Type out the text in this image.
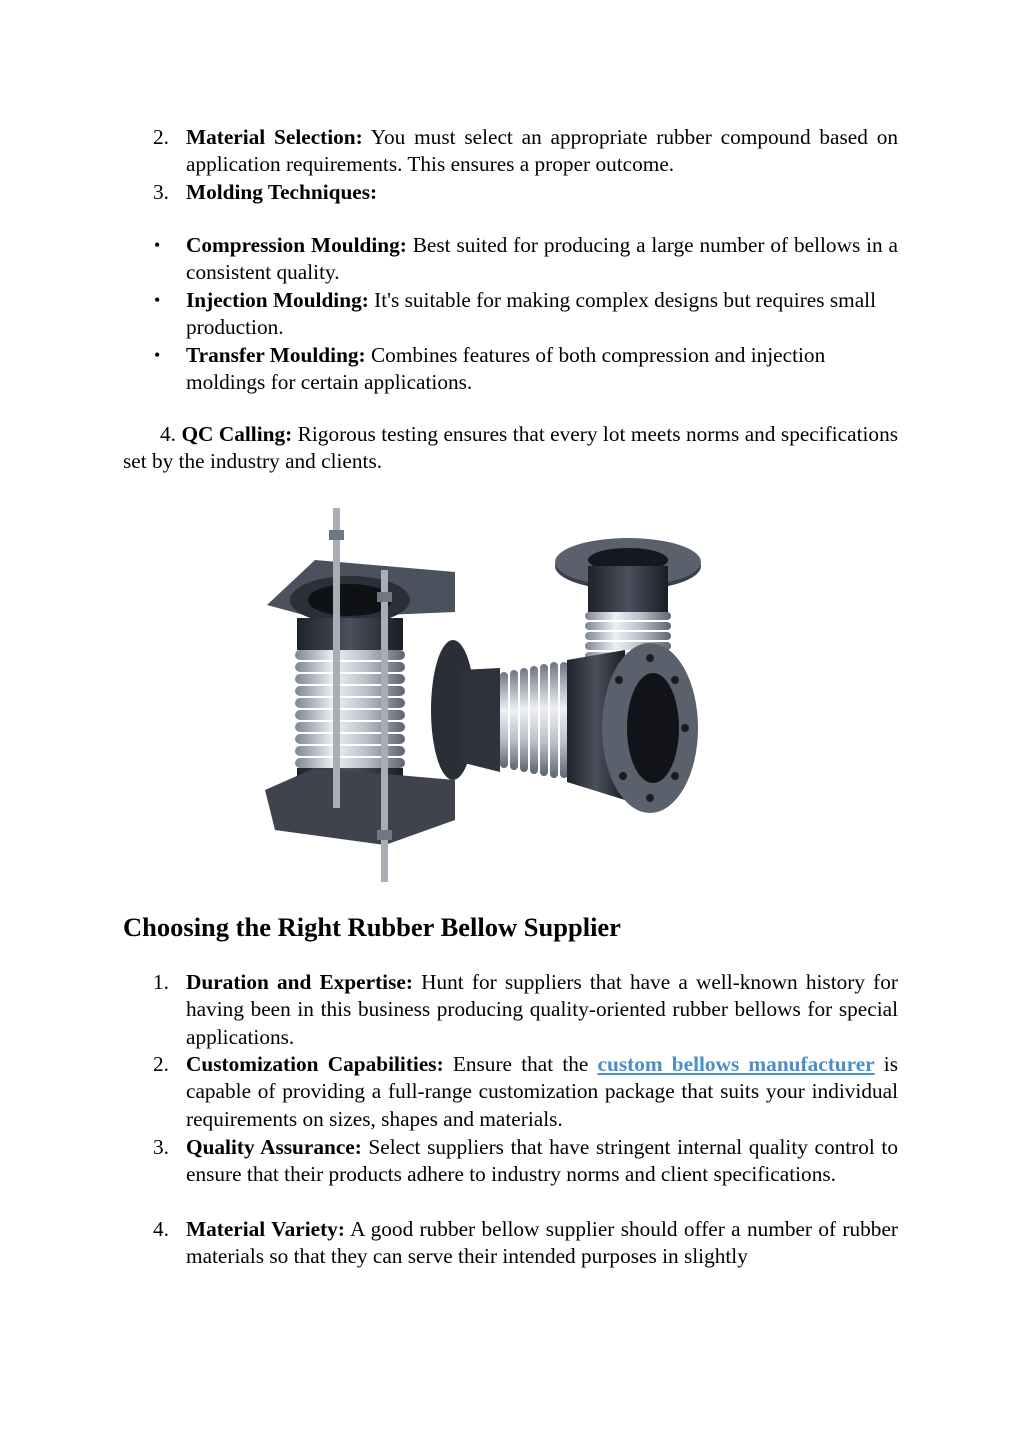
2. Material Selection: You must select an appropriate rubber compound based on application requirements. This ensures a proper outcome.

3. Molding Techniques:

• Compression Moulding: Best suited for producing a large number of bellows in a consistent quality.

• Injection Moulding: It's suitable for making complex designs but requires small production.

• Transfer Moulding: Combines features of both compression and injection moldings for certain applications.

4. QC Calling: Rigorous testing ensures that every lot meets norms and specifications set by the industry and clients.

Choosing the Right Rubber Bellow Supplier
1. Duration and Expertise: Hunt for suppliers that have a well-known history for having been in this business producing quality-oriented rubber bellows for special applications.

2. Customization Capabilities: Ensure that the custom bellows manufacturer is capable of providing a full-range customization package that suits your individual requirements on sizes, shapes and materials.

3. Quality Assurance: Select suppliers that have stringent internal quality control to ensure that their products adhere to industry norms and client specifications.

4. Material Variety: A good rubber bellow supplier should offer a number of rubber materials so that they can serve their intended purposes in slightly
